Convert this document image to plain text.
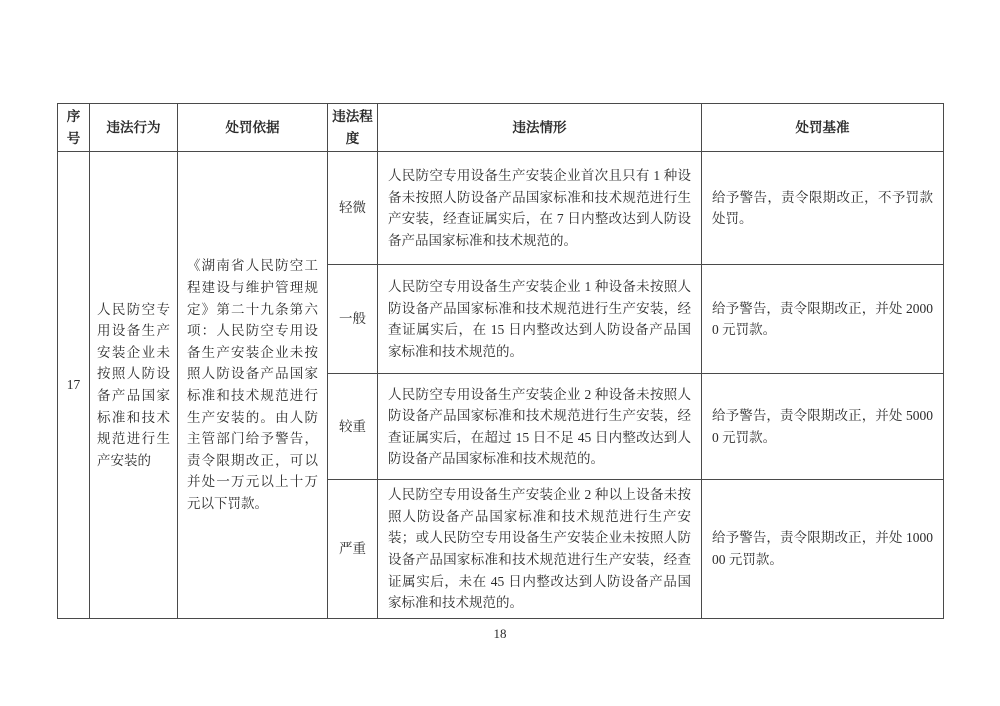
序号	违法行为	处罚依据	违法程度	违法情形	处罚基准
17	人民防空专用设备生产安装企业未按照人防设备产品国家标准和技术规范进行生产安装的	《湖南省人民防空工程建设与维护管理规定》第二十九条第六项：人民防空专用设备生产安装企业未按照人防设备产品国家标准和技术规范进行生产安装的。由人防主管部门给予警告，责令限期改正，可以并处一万元以上十万元以下罚款。	轻微	人民防空专用设备生产安装企业首次且只有 1 种设备未按照人防设备产品国家标准和技术规范进行生产安装，经查证属实后，在 7 日内整改达到人防设备产品国家标准和技术规范的。	给予警告，责令限期改正，不予罚款处罚。
			一般	人民防空专用设备生产安装企业 1 种设备未按照人防设备产品国家标准和技术规范进行生产安装，经查证属实后，在 15 日内整改达到人防设备产品国家标准和技术规范的。	给予警告，责令限期改正，并处 20000 元罚款。
			较重	人民防空专用设备生产安装企业 2 种设备未按照人防设备产品国家标准和技术规范进行生产安装，经查证属实后，在超过 15 日不足 45 日内整改达到人防设备产品国家标准和技术规范的。	给予警告，责令限期改正，并处 50000 元罚款。
			严重	人民防空专用设备生产安装企业 2 种以上设备未按照人防设备产品国家标准和技术规范进行生产安装；或人民防空专用设备生产安装企业未按照人防设备产品国家标准和技术规范进行生产安装，经查证属实后，未在 45 日内整改达到人防设备产品国家标准和技术规范的。	给予警告，责令限期改正，并处 100000 元罚款。
18
